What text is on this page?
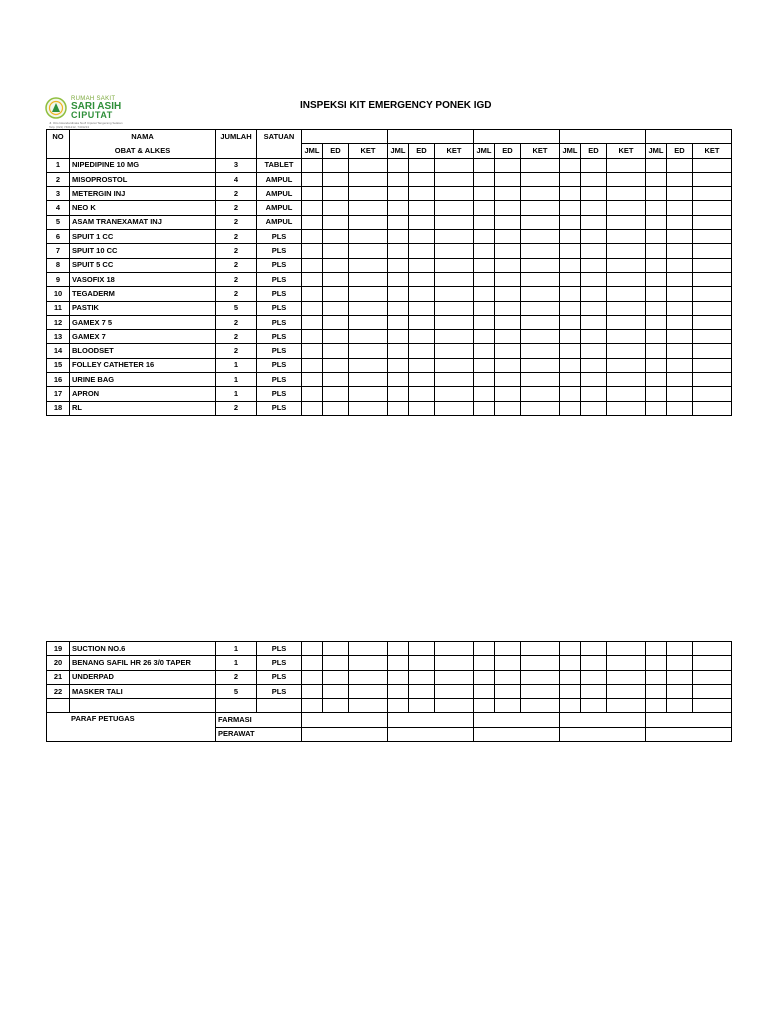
RUMAH SAKIT
SARI ASIH
CIPUTAT
Jl. Otto Iskandardinata No.8 Ciputat Tangerang Selatan
Telp. (021) 7401212, 7401213
INSPEKSI KIT EMERGENCY PONEK IGD
NO	NAMA	JUMLAH	SATUAN															
	OBAT & ALKES			JML	ED	KET	JML	ED	KET	JML	ED	KET	JML	ED	KET	JML	ED	KET
1	NIPEDIPINE 10 MG	3	TABLET															
2	MISOPROSTOL	4	AMPUL															
3	METERGIN INJ	2	AMPUL															
4	NEO K	2	AMPUL															
5	ASAM TRANEXAMAT INJ	2	AMPUL															
6	SPUIT 1 CC	2	PLS															
7	SPUIT 10 CC	2	PLS															
8	SPUIT 5 CC	2	PLS															
9	VASOFIX 18	2	PLS															
10	TEGADERM	2	PLS															
11	PASTIK	5	PLS															
12	GAMEX 7 5	2	PLS															
13	GAMEX 7	2	PLS															
14	BLOODSET	2	PLS															
15	FOLLEY CATHETER 16	1	PLS															
16	URINE BAG	1	PLS															
17	APRON	1	PLS															
18	RL	2	PLS															
19	SUCTION NO.6	1	PLS															
20	BENANG SAFIL HR 26 3/0 TAPER	1	PLS															
21	UNDERPAD	2	PLS															
22	MASKER TALI	5	PLS															

PARAF PETUGAS		FARMASI																
		PERAWAT																
